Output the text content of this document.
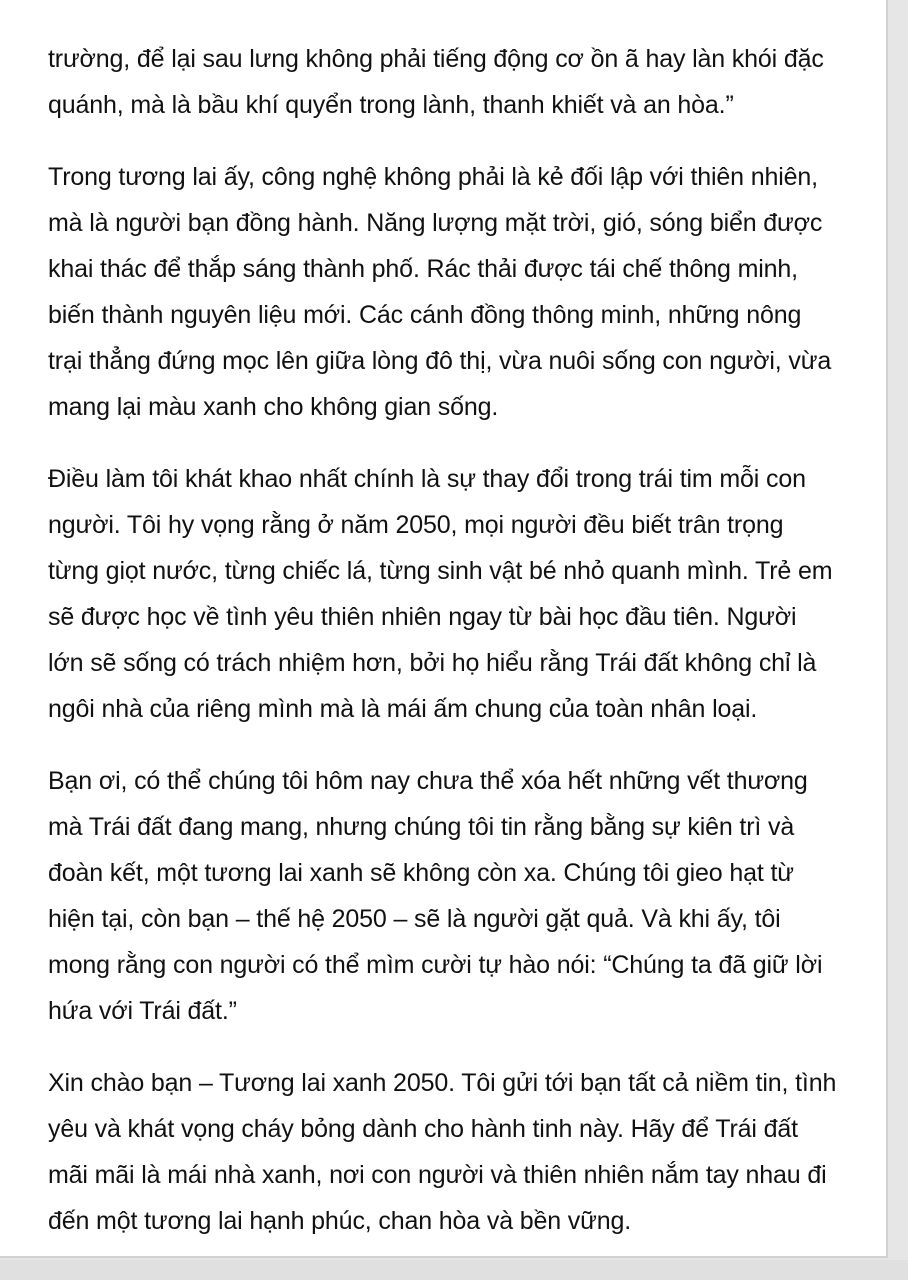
trường, để lại sau lưng không phải tiếng động cơ ồn ã hay làn khói đặc
quánh, mà là bầu khí quyển trong lành, thanh khiết và an hòa.”
Trong tương lai ấy, công nghệ không phải là kẻ đối lập với thiên nhiên,
mà là người bạn đồng hành. Năng lượng mặt trời, gió, sóng biển được
khai thác để thắp sáng thành phố. Rác thải được tái chế thông minh,
biến thành nguyên liệu mới. Các cánh đồng thông minh, những nông
trại thẳng đứng mọc lên giữa lòng đô thị, vừa nuôi sống con người, vừa
mang lại màu xanh cho không gian sống.
Điều làm tôi khát khao nhất chính là sự thay đổi trong trái tim mỗi con
người. Tôi hy vọng rằng ở năm 2050, mọi người đều biết trân trọng
từng giọt nước, từng chiếc lá, từng sinh vật bé nhỏ quanh mình. Trẻ em
sẽ được học về tình yêu thiên nhiên ngay từ bài học đầu tiên. Người
lớn sẽ sống có trách nhiệm hơn, bởi họ hiểu rằng Trái đất không chỉ là
ngôi nhà của riêng mình mà là mái ấm chung của toàn nhân loại.
Bạn ơi, có thể chúng tôi hôm nay chưa thể xóa hết những vết thương
mà Trái đất đang mang, nhưng chúng tôi tin rằng bằng sự kiên trì và
đoàn kết, một tương lai xanh sẽ không còn xa. Chúng tôi gieo hạt từ
hiện tại, còn bạn – thế hệ 2050 – sẽ là người gặt quả. Và khi ấy, tôi
mong rằng con người có thể mìm cười tự hào nói: “Chúng ta đã giữ lời
hứa với Trái đất.”
Xin chào bạn – Tương lai xanh 2050. Tôi gửi tới bạn tất cả niềm tin, tình
yêu và khát vọng cháy bỏng dành cho hành tinh này. Hãy để Trái đất
mãi mãi là mái nhà xanh, nơi con người và thiên nhiên nắm tay nhau đi
đến một tương lai hạnh phúc, chan hòa và bền vững.
